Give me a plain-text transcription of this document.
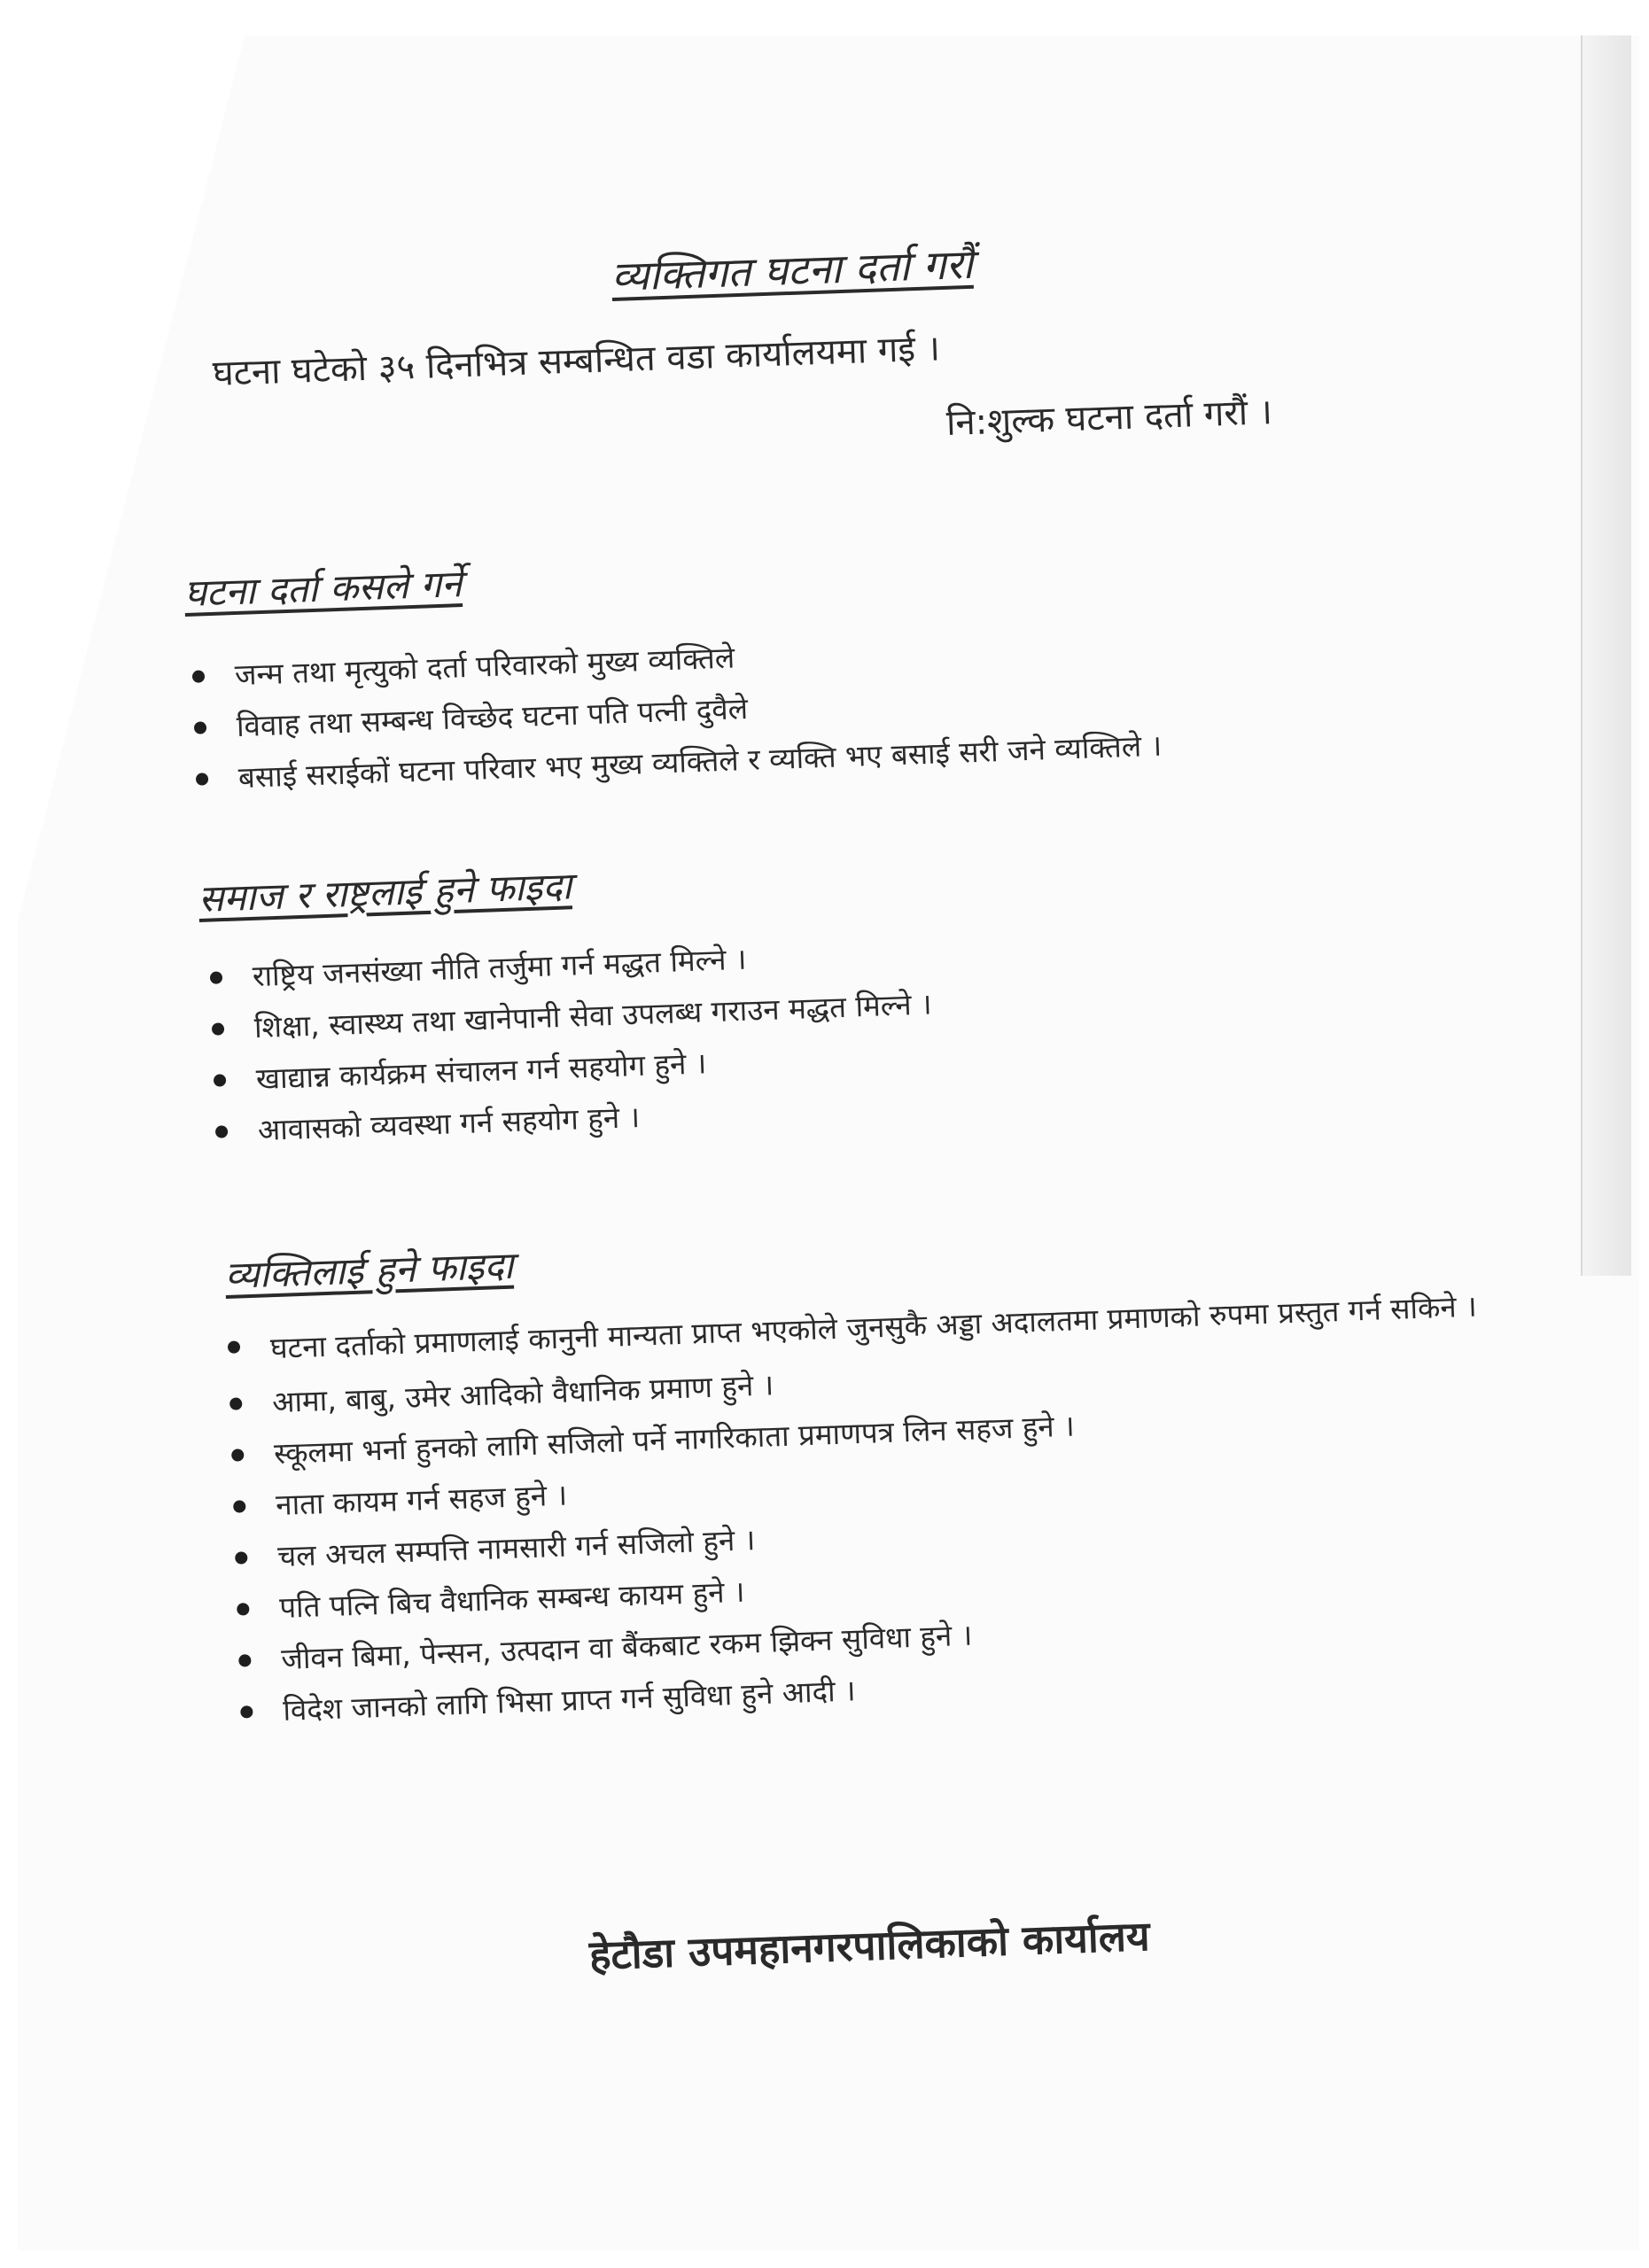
व्यक्तिगत घटना दर्ता गरौं
घटना घटेको ३५ दिनभित्र सम्बन्धित वडा कार्यालयमा गई ।
नि:शुल्क घटना दर्ता गरौं ।
घटना दर्ता कसले गर्ने
जन्म तथा मृत्युको दर्ता परिवारको मुख्य व्यक्तिले
विवाह तथा सम्बन्ध विच्छेद घटना पति पत्नी दुवैले
बसाई सराईकों घटना परिवार भए मुख्य व्यक्तिले र व्यक्ति भए बसाई सरी जने व्यक्तिले ।
समाज र राष्ट्रलाई हुने फाइदा
राष्ट्रिय जनसंख्या नीति तर्जुमा गर्न मद्धत मिल्ने ।
शिक्षा, स्वास्थ्य तथा खानेपानी सेवा उपलब्ध गराउन मद्धत मिल्ने ।
खाद्यान्न कार्यक्रम संचालन गर्न सहयोग हुने ।
आवासको व्यवस्था गर्न सहयोग हुने ।
व्यक्तिलाई हुने फाइदा
घटना दर्ताको प्रमाणलाई कानुनी मान्यता प्राप्त भएकोले जुनसुकै अड्डा अदालतमा प्रमाणको रुपमा प्रस्तुत गर्न सकिने ।
आमा, बाबु, उमेर आदिको वैधानिक प्रमाण हुने ।
स्कूलमा भर्ना हुनको लागि सजिलो पर्ने नागरिकाता प्रमाणपत्र लिन सहज हुने ।
नाता कायम गर्न सहज हुने ।
चल अचल सम्पत्ति नामसारी गर्न सजिलो हुने ।
पति पत्नि बिच वैधानिक सम्बन्ध कायम हुने ।
जीवन बिमा, पेन्सन, उत्पदान वा बैंकबाट रकम झिक्न सुविधा हुने ।
विदेश जानको लागि भिसा प्राप्त गर्न सुविधा हुने आदी ।
हेटौडा उपमहानगरपालिकाको कार्यालय
